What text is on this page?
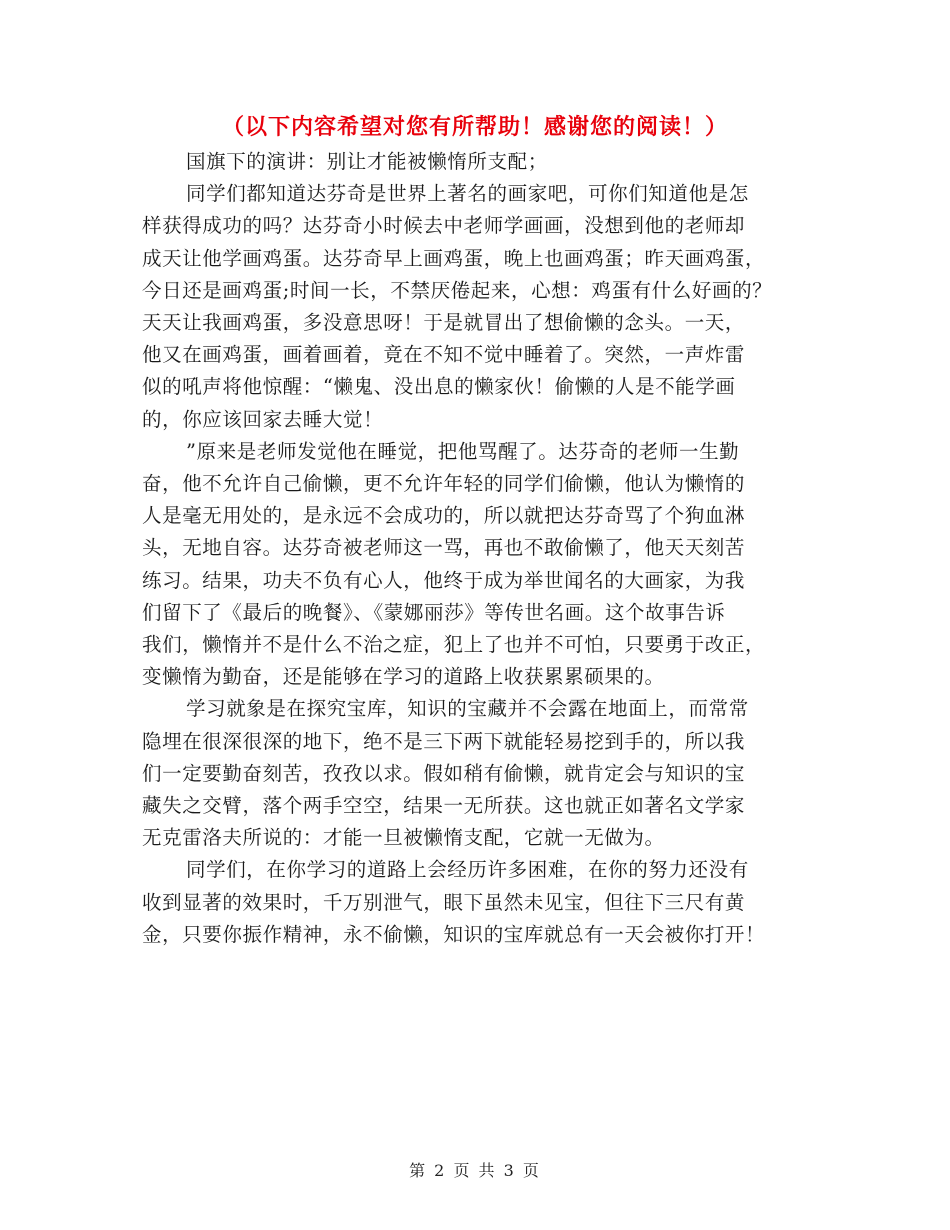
（以下内容希望对您有所帮助！感谢您的阅读！）
国旗下的演讲：别让才能被懒惰所支配；
同学们都知道达芬奇是世界上著名的画家吧，可你们知道他是怎
样获得成功的吗？达芬奇小时候去中老师学画画，没想到他的老师却
成天让他学画鸡蛋。达芬奇早上画鸡蛋，晚上也画鸡蛋；昨天画鸡蛋，
今日还是画鸡蛋;时间一长，不禁厌倦起来，心想：鸡蛋有什么好画的？
天天让我画鸡蛋，多没意思呀！于是就冒出了想偷懒的念头。一天，
他又在画鸡蛋，画着画着，竟在不知不觉中睡着了。突然，一声炸雷
似的吼声将他惊醒：“懒鬼、没出息的懒家伙！偷懒的人是不能学画
的，你应该回家去睡大觉！
”原来是老师发觉他在睡觉，把他骂醒了。达芬奇的老师一生勤
奋，他不允许自己偷懒，更不允许年轻的同学们偷懒，他认为懒惰的
人是毫无用处的，是永远不会成功的，所以就把达芬奇骂了个狗血淋
头，无地自容。达芬奇被老师这一骂，再也不敢偷懒了，他天天刻苦
练习。结果，功夫不负有心人，他终于成为举世闻名的大画家，为我
们留下了《最后的晚餐》、《蒙娜丽莎》等传世名画。这个故事告诉
我们，懒惰并不是什么不治之症，犯上了也并不可怕，只要勇于改正，
变懒惰为勤奋，还是能够在学习的道路上收获累累硕果的。
学习就象是在探究宝库，知识的宝藏并不会露在地面上，而常常
隐埋在很深很深的地下，绝不是三下两下就能轻易挖到手的，所以我
们一定要勤奋刻苦，孜孜以求。假如稍有偷懒，就肯定会与知识的宝
藏失之交臂，落个两手空空，结果一无所获。这也就正如著名文学家
无克雷洛夫所说的：才能一旦被懒惰支配，它就一无做为。
同学们，在你学习的道路上会经历许多困难，在你的努力还没有
收到显著的效果时，千万别泄气，眼下虽然未见宝，但往下三尺有黄
金，只要你振作精神，永不偷懒，知识的宝库就总有一天会被你打开！
第 2 页 共 3 页
